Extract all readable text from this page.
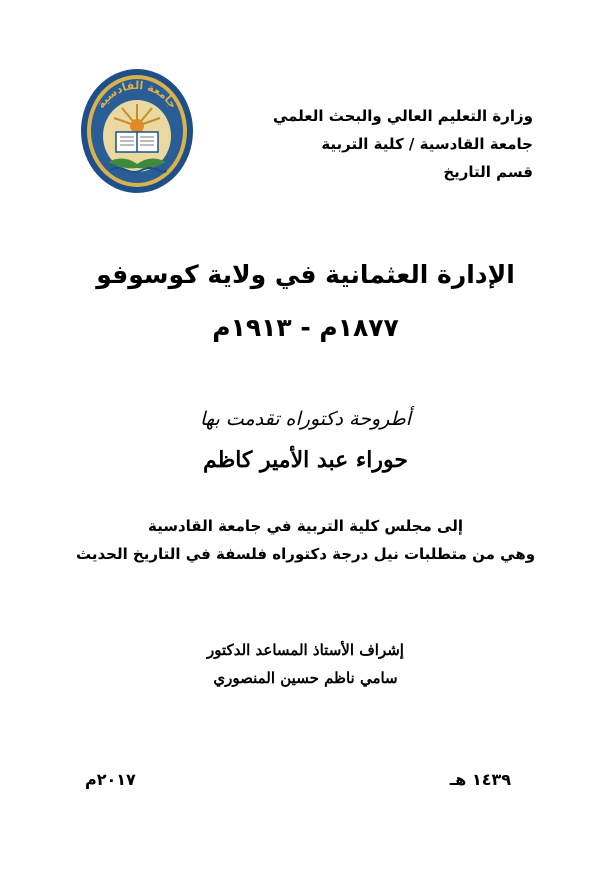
وزارة التعليم العالي والبحث العلمي
جامعة القادسية / كلية التربية
قسم التاريخ
جامعة القادسية
الإدارة العثمانية في ولاية كوسوفو
١٨٧٧م - ١٩١٣م
أطروحة دكتوراه تقدمت بها
حوراء عبد الأمير كاظم
إلى مجلس كلية التربية في جامعة القادسية
وهي من متطلبات نيل درجة دكتوراه فلسفة في التاريخ الحديث
إشراف الأستاذ المساعد الدكتور
سامي ناظم حسين المنصوري
١٤٣٩ هـ
٢٠١٧م
